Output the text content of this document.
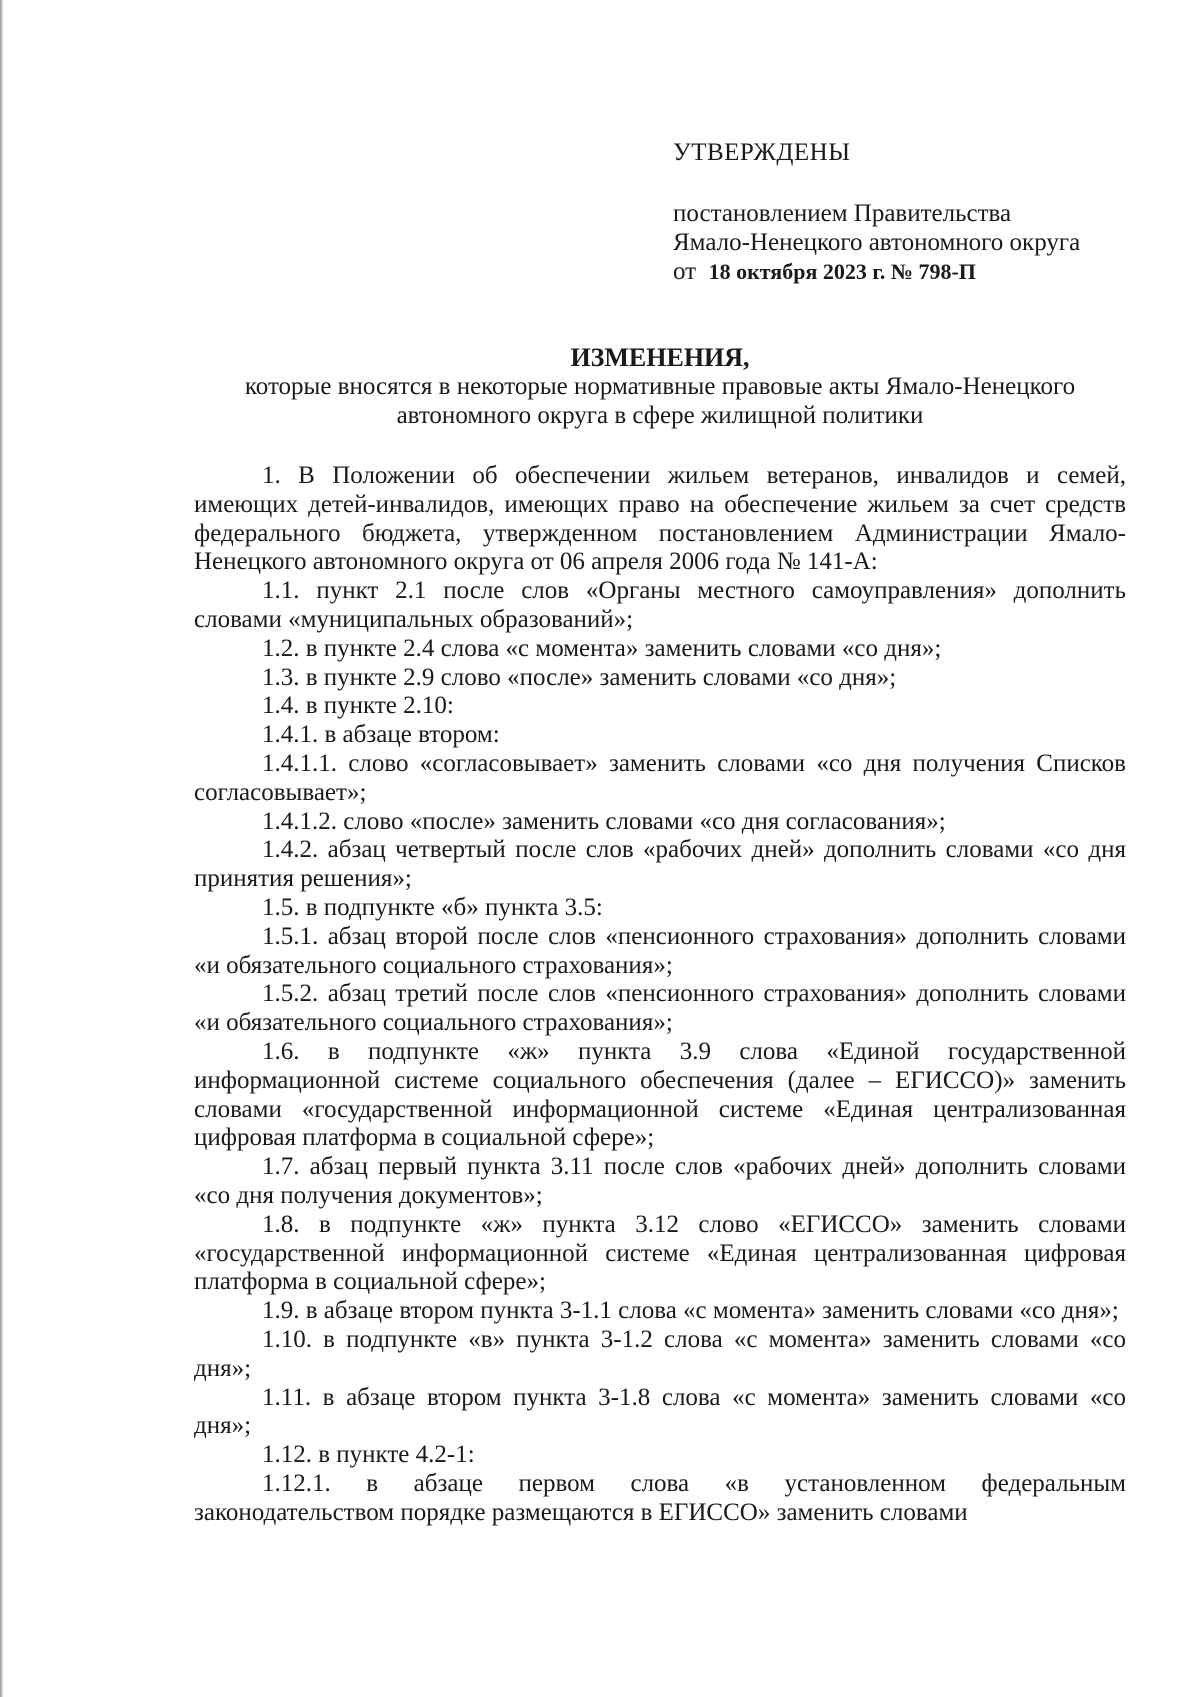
УТВЕРЖДЕНЫ

постановлением Правительства

Ямало-Ненецкого автономного округа

от 18 октября 2023 г. № 798-П

ИЗМЕНЕНИЯ,

которые вносятся в некоторые нормативные правовые акты Ямало-Ненецкого автономного округа в сфере жилищной политики

1. В Положении об обеспечении жильем ветеранов, инвалидов и семей, имеющих детей-инвалидов, имеющих право на обеспечение жильем за счет средств федерального бюджета, утвержденном постановлением Администрации Ямало-Ненецкого автономного округа от 06 апреля 2006 года № 141-А:

1.1. пункт 2.1 после слов «Органы местного самоуправления» дополнить словами «муниципальных образований»;

1.2. в пункте 2.4 слова «с момента» заменить словами «со дня»;

1.3. в пункте 2.9 слово «после» заменить словами «со дня»;

1.4. в пункте 2.10:

1.4.1. в абзаце втором:

1.4.1.1. слово «согласовывает» заменить словами «со дня получения Списков согласовывает»;

1.4.1.2. слово «после» заменить словами «со дня согласования»;

1.4.2. абзац четвертый после слов «рабочих дней» дополнить словами «со дня принятия решения»;

1.5. в подпункте «б» пункта 3.5:

1.5.1. абзац второй после слов «пенсионного страхования» дополнить словами «и обязательного социального страхования»;

1.5.2. абзац третий после слов «пенсионного страхования» дополнить словами «и обязательного социального страхования»;

1.6. в подпункте «ж» пункта 3.9 слова «Единой государственной информационной системе социального обеспечения (далее – ЕГИССО)» заменить словами «государственной информационной системе «Единая централизованная цифровая платформа в социальной сфере»;

1.7. абзац первый пункта 3.11 после слов «рабочих дней» дополнить словами «со дня получения документов»;

1.8. в подпункте «ж» пункта 3.12 слово «ЕГИССО» заменить словами «государственной информационной системе «Единая централизованная цифровая платформа в социальной сфере»;

1.9. в абзаце втором пункта 3-1.1 слова «с момента» заменить словами «со дня»;

1.10. в подпункте «в» пункта 3-1.2 слова «с момента» заменить словами «со дня»;

1.11. в абзаце втором пункта 3-1.8 слова «с момента» заменить словами «со дня»;

1.12. в пункте 4.2-1:

1.12.1. в абзаце первом слова «в установленном федеральным законодательством порядке размещаются в ЕГИССО» заменить словами
